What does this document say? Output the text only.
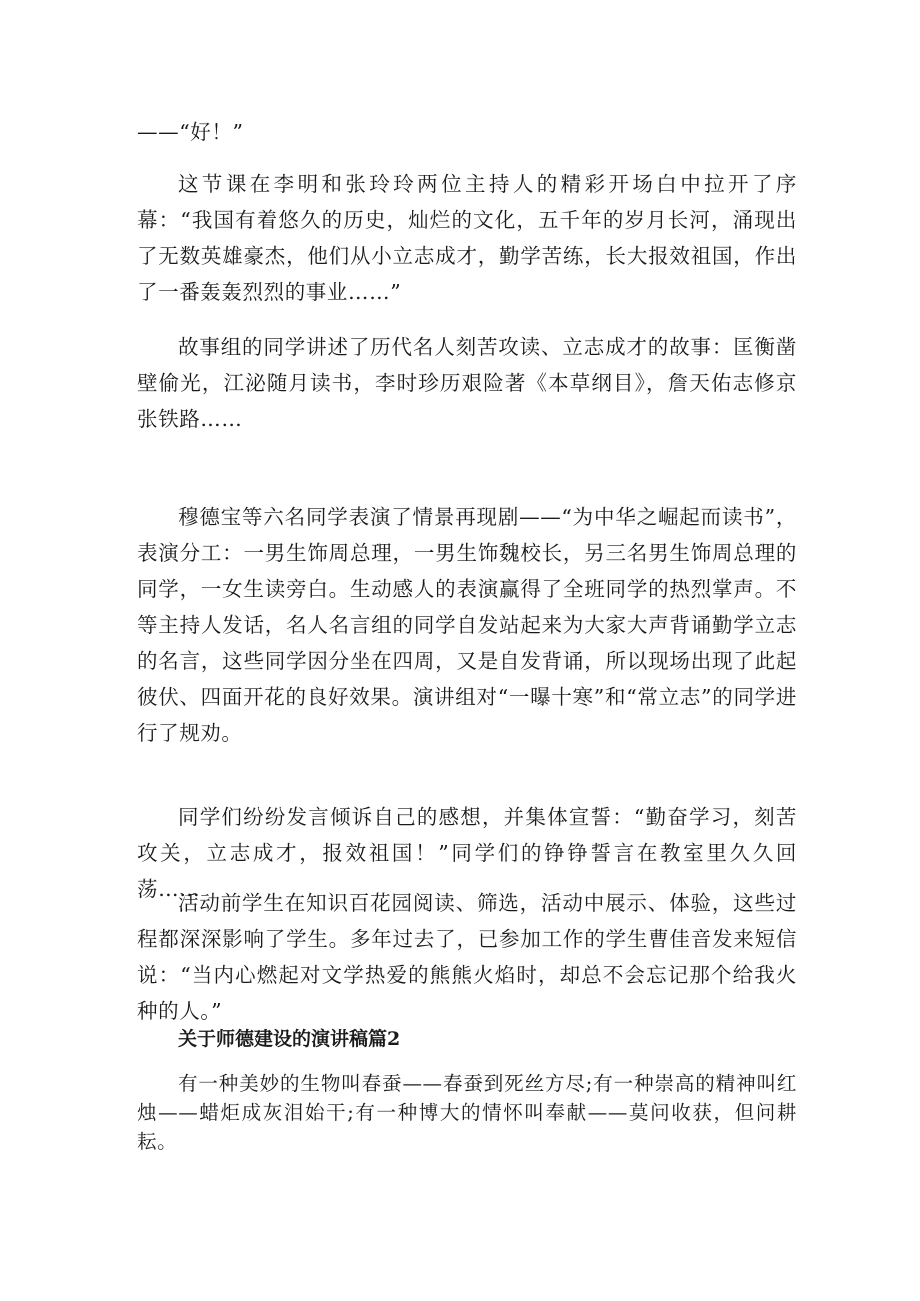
——“好！”

这节课在李明和张玲玲两位主持人的精彩开场白中拉开了序幕：“我国有着悠久的历史，灿烂的文化，五千年的岁月长河，涌现出了无数英雄豪杰，他们从小立志成才，勤学苦练，长大报效祖国，作出了一番轰轰烈烈的事业……”

故事组的同学讲述了历代名人刻苦攻读、立志成才的故事：匡衡凿壁偷光，江泌随月读书，李时珍历艰险著《本草纲目》，詹天佑志修京张铁路……

穆德宝等六名同学表演了情景再现剧——“为中华之崛起而读书”，表演分工：一男生饰周总理，一男生饰魏校长，另三名男生饰周总理的同学，一女生读旁白。生动感人的表演赢得了全班同学的热烈掌声。不等主持人发话，名人名言组的同学自发站起来为大家大声背诵勤学立志的名言，这些同学因分坐在四周，又是自发背诵，所以现场出现了此起彼伏、四面开花的良好效果。演讲组对“一曝十寒”和“常立志”的同学进行了规劝。

同学们纷纷发言倾诉自己的感想，并集体宣誓：“勤奋学习，刻苦攻关，立志成才，报效祖国！”同学们的铮铮誓言在教室里久久回荡……

活动前学生在知识百花园阅读、筛选，活动中展示、体验，这些过程都深深影响了学生。多年过去了，已参加工作的学生曹佳音发来短信说：“当内心燃起对文学热爱的熊熊火焰时，却总不会忘记那个给我火种的人。”

关于师德建设的演讲稿篇2

有一种美妙的生物叫春蚕——春蚕到死丝方尽;有一种崇高的精神叫红烛——蜡炬成灰泪始干;有一种博大的情怀叫奉献——莫问收获，但问耕耘。
